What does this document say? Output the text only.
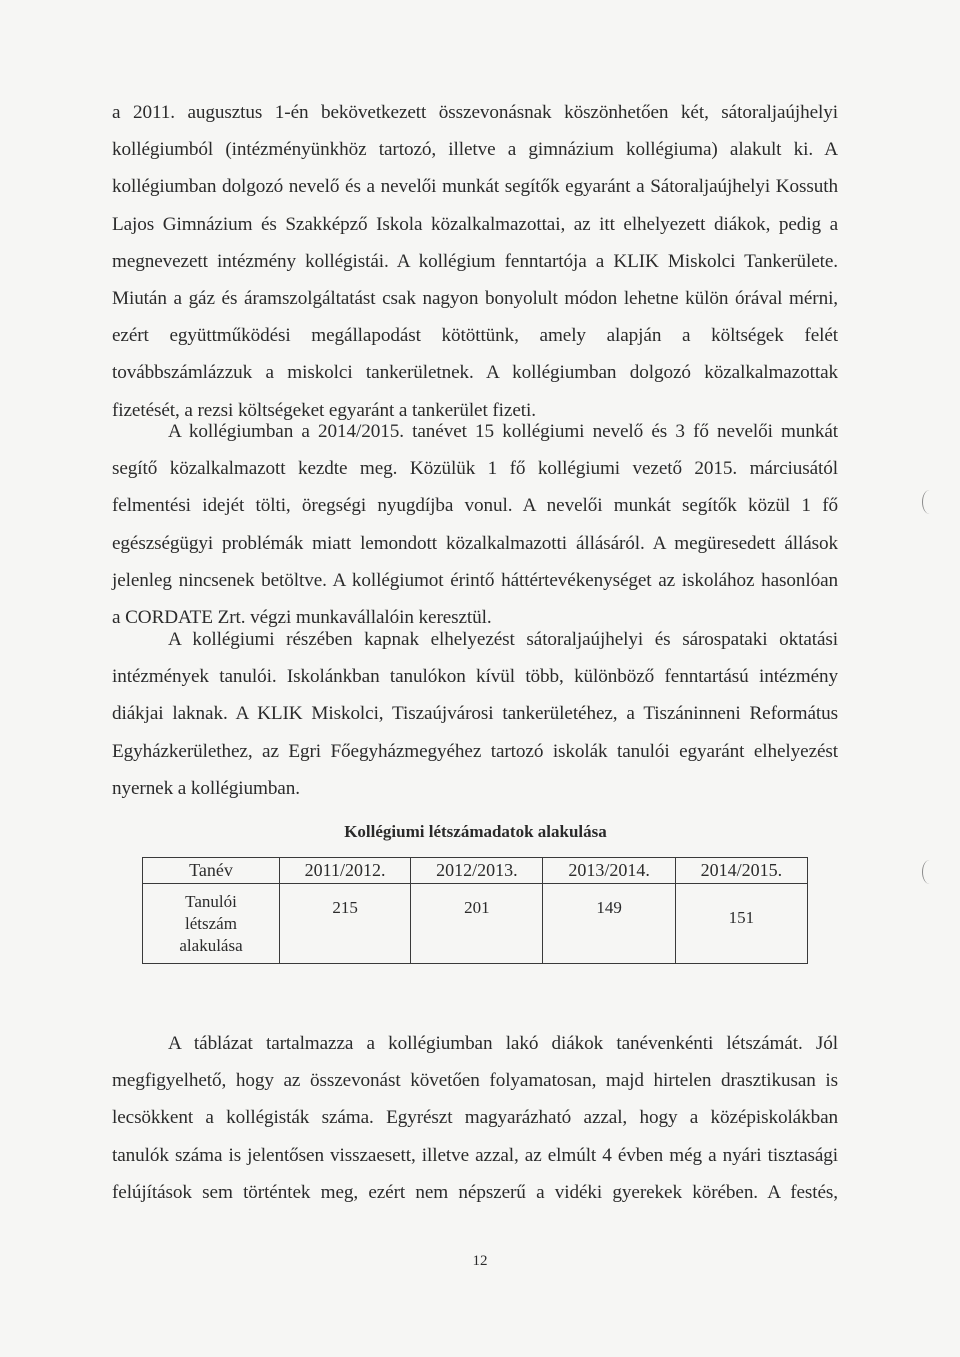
a 2011. augusztus 1-én bekövetkezett összevonásnak köszönhetően két, sátoraljaújhelyi
kollégiumból (intézményünkhöz tartozó, illetve a gimnázium kollégiuma) alakult ki. A
kollégiumban dolgozó nevelő és a nevelői munkát segítők egyaránt a Sátoraljaújhelyi Kossuth
Lajos Gimnázium és Szakképző Iskola közalkalmazottai, az itt elhelyezett diákok, pedig a
megnevezett intézmény kollégistái. A kollégium fenntartója a KLIK Miskolci Tankerülete.
Miután a gáz és áramszolgáltatást csak nagyon bonyolult módon lehetne külön órával mérni,
ezért együttműködési megállapodást kötöttünk, amely alapján a költségek felét
továbbszámlázzuk a miskolci tankerületnek. A kollégiumban dolgozó közalkalmazottak
fizetését, a rezsi költségeket egyaránt a tankerület fizeti.
A kollégiumban a 2014/2015. tanévet 15 kollégiumi nevelő és 3 fő nevelői munkát
segítő közalkalmazott kezdte meg. Közülük 1 fő kollégiumi vezető 2015. márciusától
felmentési idejét tölti, öregségi nyugdíjba vonul. A nevelői munkát segítők közül 1 fő
egészségügyi problémák miatt lemondott közalkalmazotti állásáról. A megüresedett állások
jelenleg nincsenek betöltve. A kollégiumot érintő háttértevékenységet az iskolához hasonlóan
a CORDATE Zrt. végzi munkavállalóin keresztül.
A kollégiumi részében kapnak elhelyezést sátoraljaújhelyi és sárospataki oktatási
intézmények tanulói. Iskolánkban tanulókon kívül több, különböző fenntartású intézmény
diákjai laknak. A KLIK Miskolci, Tiszaújvárosi tankerületéhez, a Tiszáninneni Református
Egyházkerülethez, az Egri Főegyházmegyéhez tartozó iskolák tanulói egyaránt elhelyezést
nyernek a kollégiumban.
Kollégiumi létszámadatok alakulása
Tanév	2011/2012.	2012/2013.	2013/2014.	2014/2015.

Tanulói
létszám
alakulása	215	201	149	151
A táblázat tartalmazza a kollégiumban lakó diákok tanévenkénti létszámát. Jól
megfigyelhető, hogy az összevonást követően folyamatosan, majd hirtelen drasztikusan is
lecsökkent a kollégisták száma. Egyrészt magyarázható azzal, hogy a középiskolákban
tanulók száma is jelentősen visszaesett, illetve azzal, az elmúlt 4 évben még a nyári tisztasági
felújítások sem történtek meg, ezért nem népszerű a vidéki gyerekek körében. A festés,
12
